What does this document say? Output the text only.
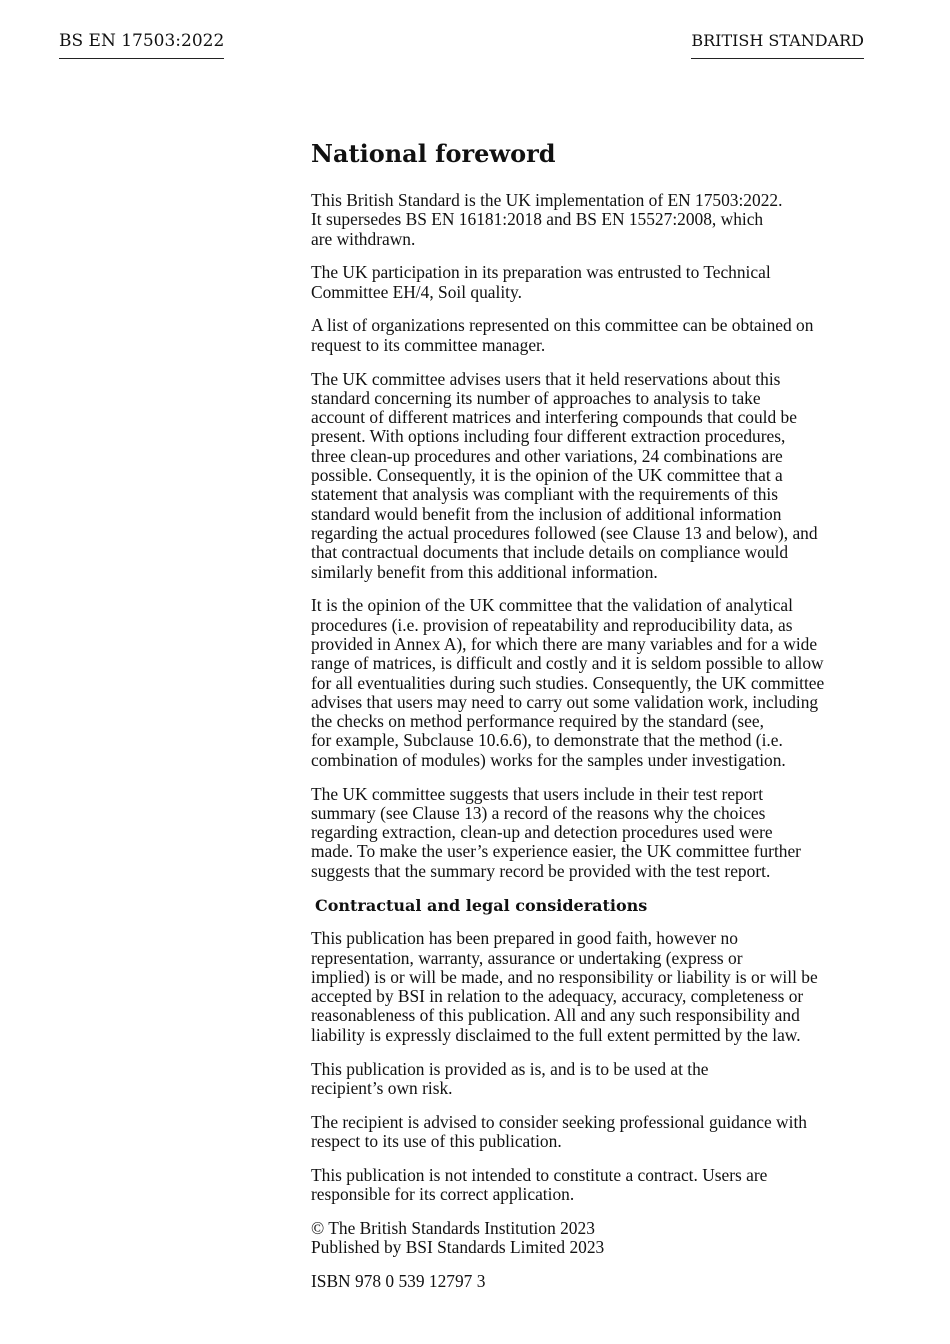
BS EN 17503:2022	BRITISH STANDARD
National foreword

This British Standard is the UK implementation of EN 17503:2022.
It supersedes BS EN 16181:2018 and BS EN 15527:2008, which
are withdrawn.

The UK participation in its preparation was entrusted to Technical
Committee EH/4, Soil quality.

A list of organizations represented on this committee can be obtained on
request to its committee manager.

The UK committee advises users that it held reservations about this
standard concerning its number of approaches to analysis to take
account of different matrices and interfering compounds that could be
present. With options including four different extraction procedures,
three clean-up procedures and other variations, 24 combinations are
possible. Consequently, it is the opinion of the UK committee that a
statement that analysis was compliant with the requirements of this
standard would benefit from the inclusion of additional information
regarding the actual procedures followed (see Clause 13 and below), and
that contractual documents that include details on compliance would
similarly benefit from this additional information.

It is the opinion of the UK committee that the validation of analytical
procedures (i.e. provision of repeatability and reproducibility data, as
provided in Annex A), for which there are many variables and for a wide
range of matrices, is difficult and costly and it is seldom possible to allow
for all eventualities during such studies. Consequently, the UK committee
advises that users may need to carry out some validation work, including
the checks on method performance required by the standard (see,
for example, Subclause 10.6.6), to demonstrate that the method (i.e.
combination of modules) works for the samples under investigation.

The UK committee suggests that users include in their test report
summary (see Clause 13) a record of the reasons why the choices
regarding extraction, clean-up and detection procedures used were
made. To make the user’s experience easier, the UK committee further
suggests that the summary record be provided with the test report.

Contractual and legal considerations

This publication has been prepared in good faith, however no
representation, warranty, assurance or undertaking (express or
implied) is or will be made, and no responsibility or liability is or will be
accepted by BSI in relation to the adequacy, accuracy, completeness or
reasonableness of this publication. All and any such responsibility and
liability is expressly disclaimed to the full extent permitted by the law.

This publication is provided as is, and is to be used at the
recipient’s own risk.

The recipient is advised to consider seeking professional guidance with
respect to its use of this publication.

This publication is not intended to constitute a contract. Users are
responsible for its correct application.

© The British Standards Institution 2023
Published by BSI Standards Limited 2023

ISBN 978 0 539 12797 3
